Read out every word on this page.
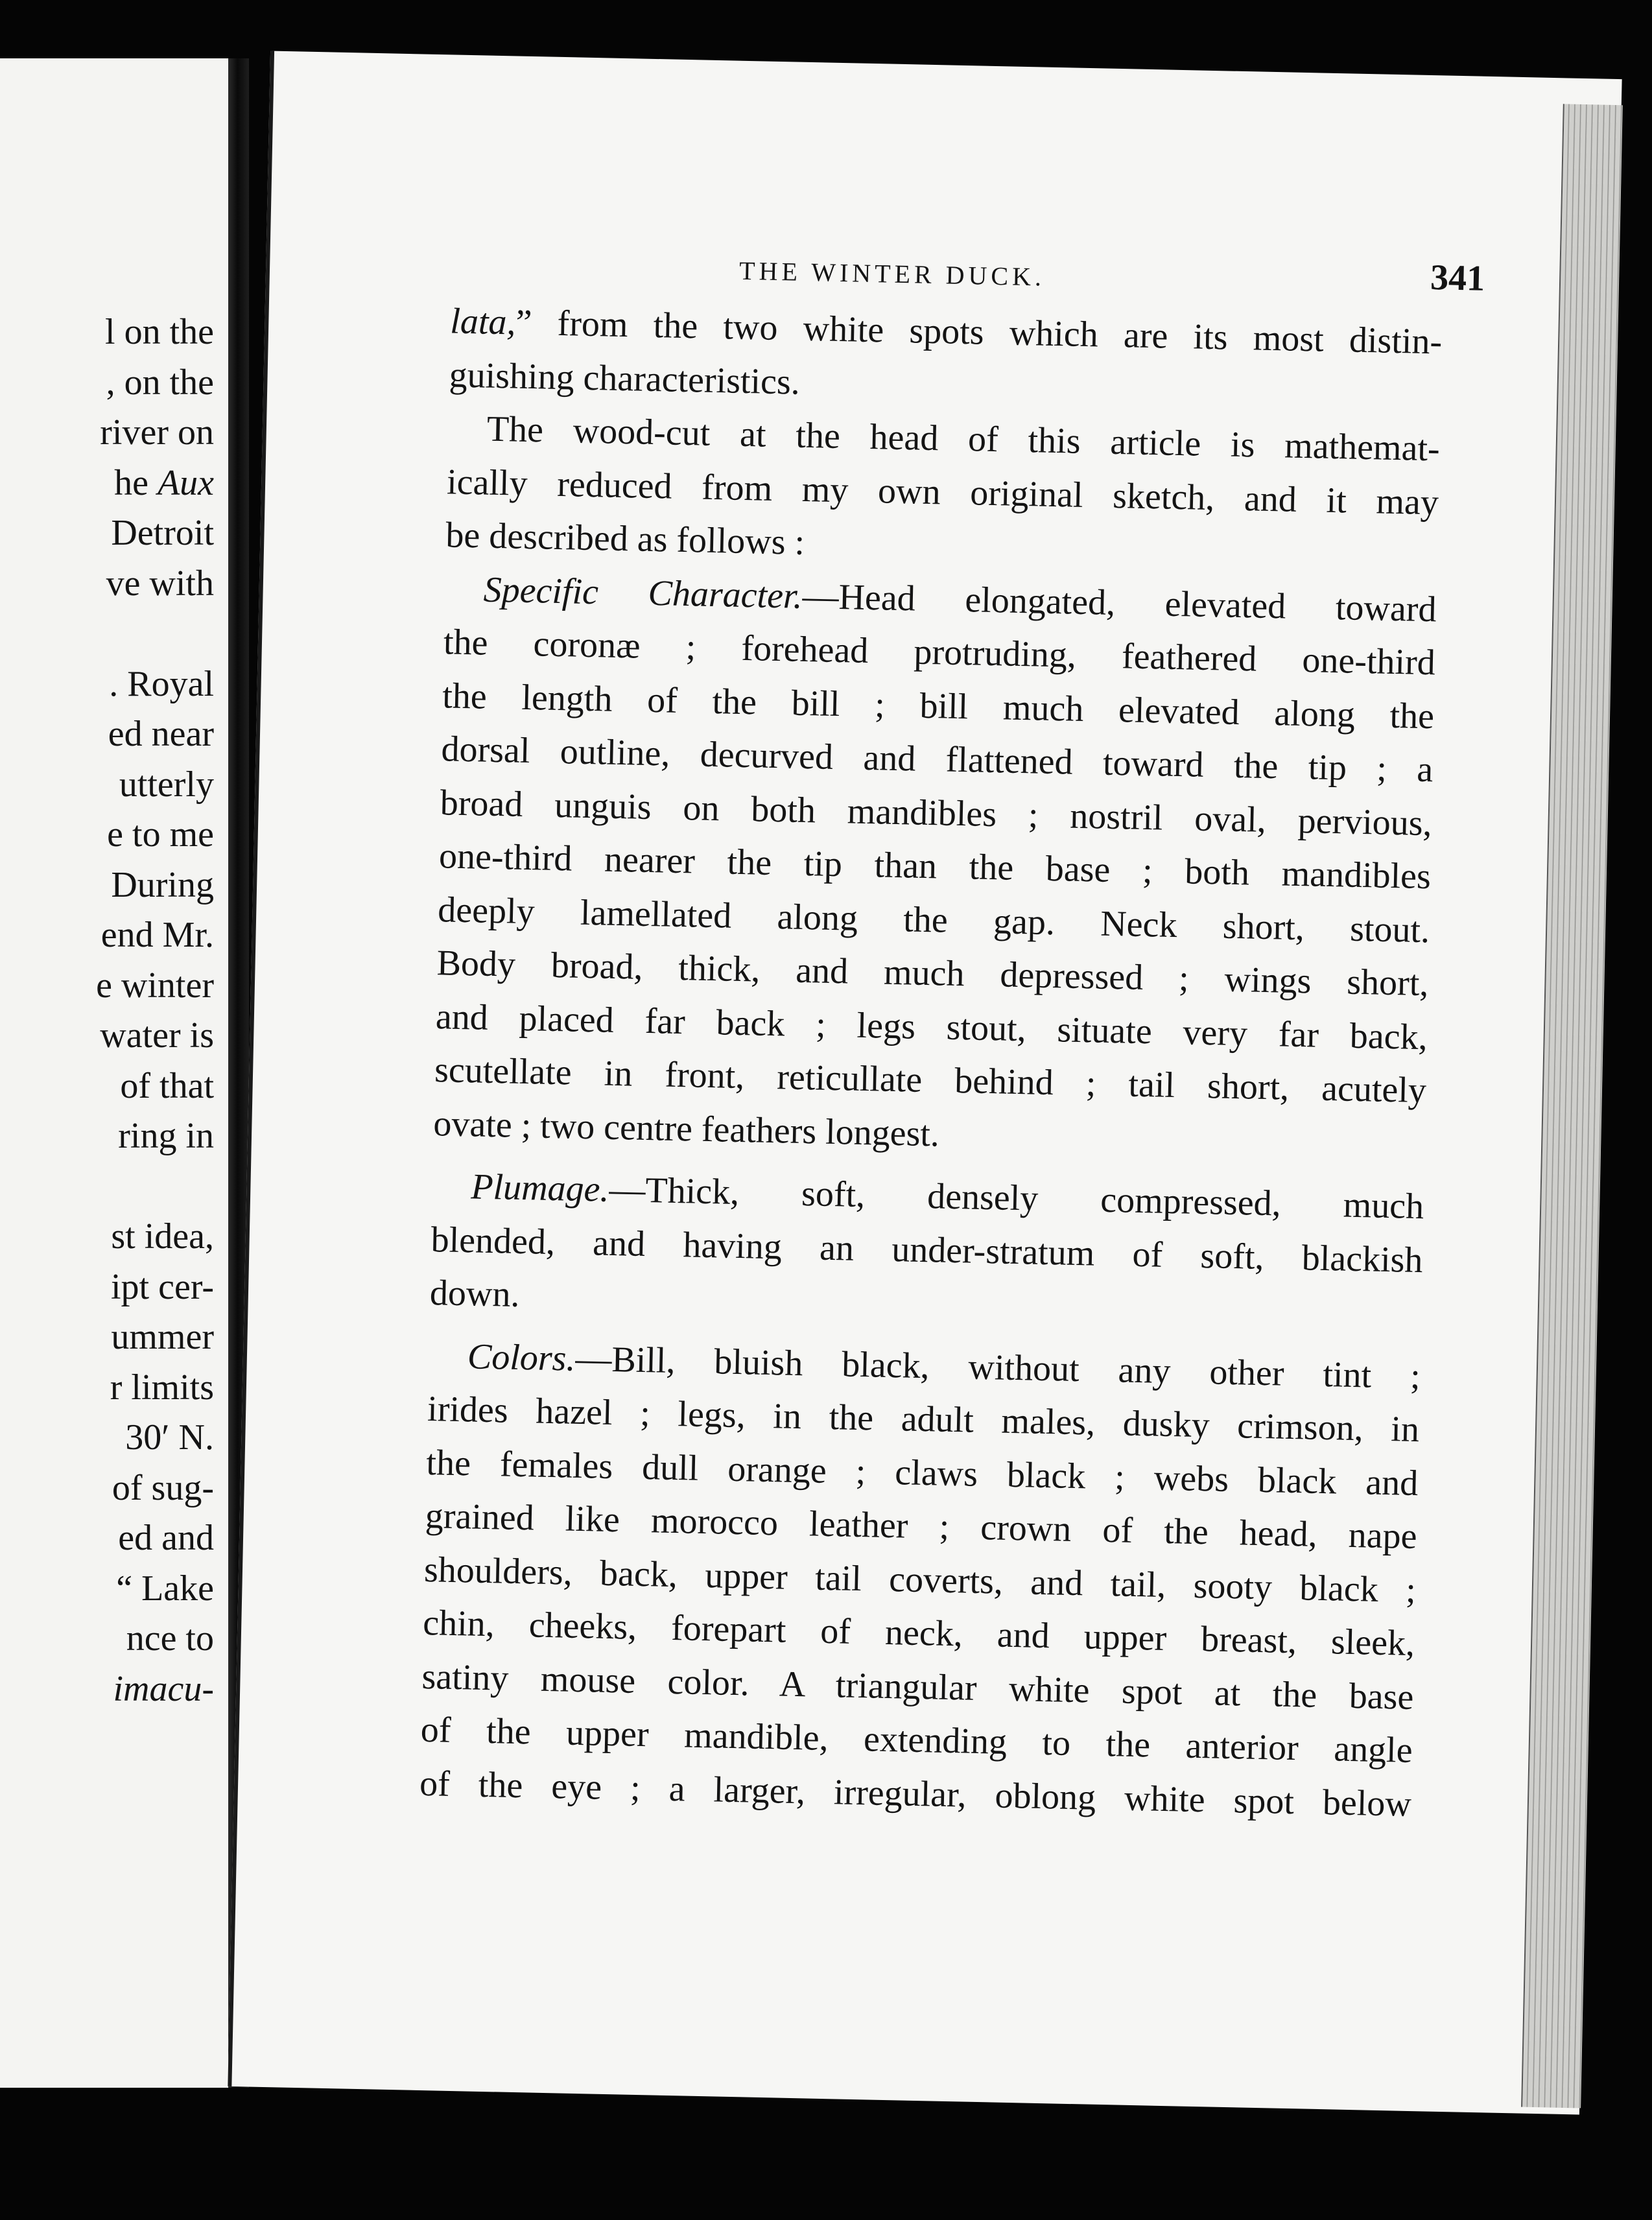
l on the
, on the
river on
he Aux
Detroit
ve with
. Royal
ed near
utterly
e to me
During
end Mr.
e winter
water is
of that
ring in
st idea,
ipt cer-
ummer
r limits
30′ N.
of sug-
ed and
“ Lake
nce to
imacu-
THE WINTER DUCK.	341
lata,” from the two white spots which are its most distin-
guishing characteristics.
The wood-cut at the head of this article is mathemat-
ically reduced from my own original sketch, and it may
be described as follows :
Specific Character.—Head elongated, elevated toward
the coronæ ; forehead protruding, feathered one-third
the length of the bill ; bill much elevated along the
dorsal outline, decurved and flattened toward the tip ; a
broad unguis on both mandibles ; nostril oval, pervious,
one-third nearer the tip than the base ; both mandibles
deeply lamellated along the gap. Neck short, stout.
Body broad, thick, and much depressed ; wings short,
and placed far back ; legs stout, situate very far back,
scutellate in front, reticullate behind ; tail short, acutely
ovate ; two centre feathers longest.
Plumage.—Thick, soft, densely compressed, much
blended, and having an under-stratum of soft, blackish
down.
Colors.—Bill, bluish black, without any other tint ;
irides hazel ; legs, in the adult males, dusky crimson, in
the females dull orange ; claws black ; webs black and
grained like morocco leather ; crown of the head, nape
shoulders, back, upper tail coverts, and tail, sooty black ;
chin, cheeks, forepart of neck, and upper breast, sleek,
satiny mouse color. A triangular white spot at the base
of the upper mandible, extending to the anterior angle
of the eye ; a larger, irregular, oblong white spot below
